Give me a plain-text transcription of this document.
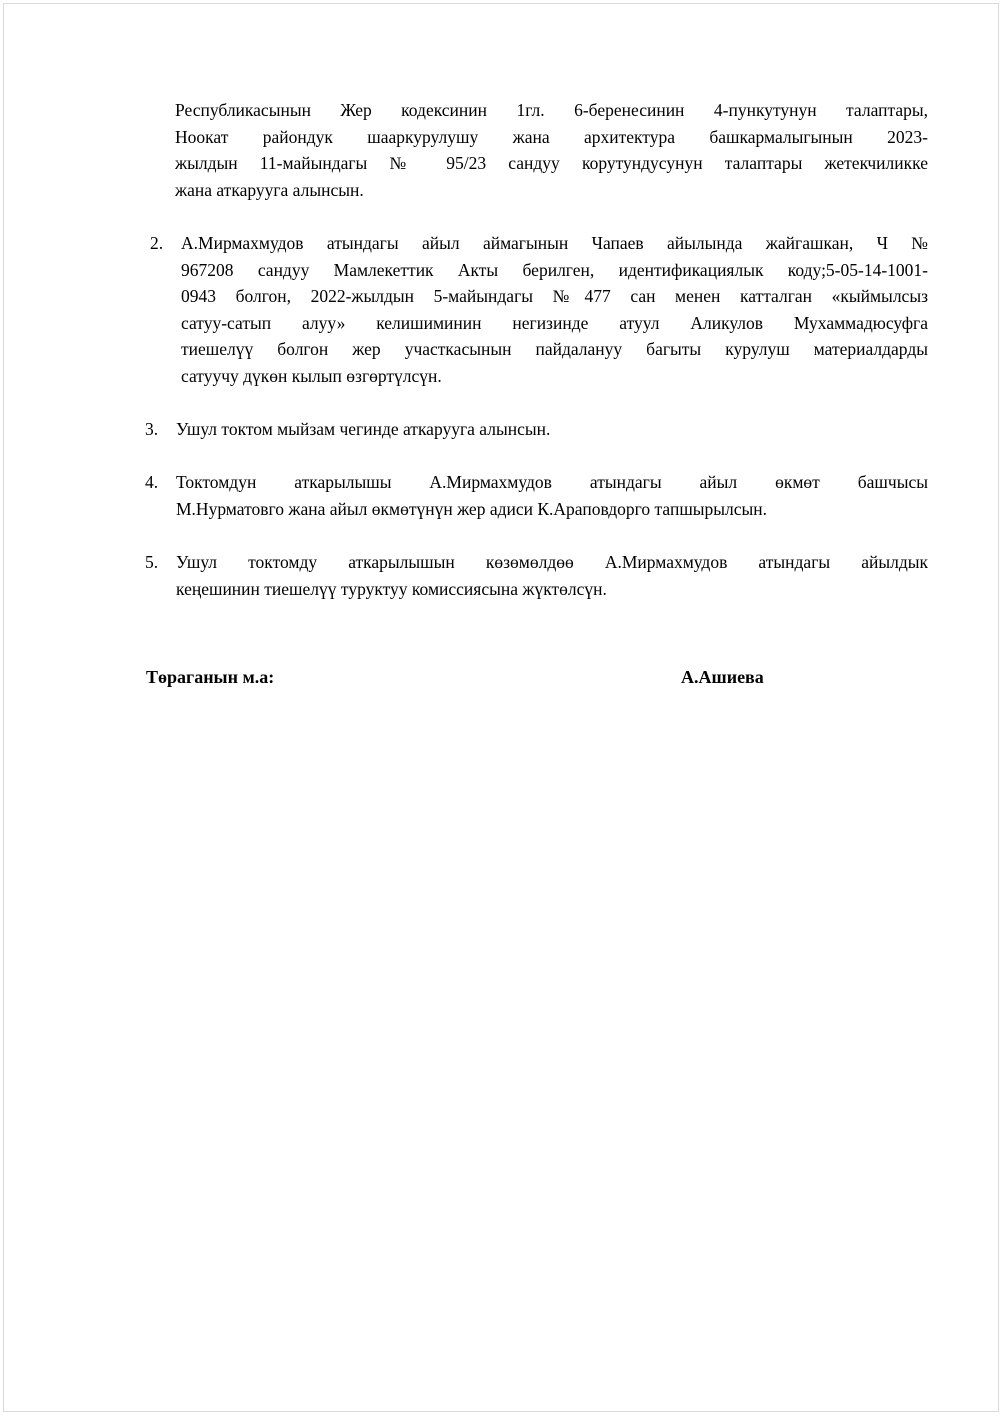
Республикасынын Жер кодексинин 1гл. 6-беренесинин 4-пункутунун талаптары,
Ноокат райондук шааркурулушу жана архитектура башкармалыгынын 2023-
жылдын 11-майындагы № 95/23 сандуу корутундусунун талаптары жетекчиликке
жана аткарууга алынсын.
2. А.Мирмахмудов атындагы айыл аймагынын Чапаев айылында жайгашкан, Ч №
967208 сандуу Мамлекеттик Акты берилген, идентификациялык коду;5-05-14-1001-
0943 болгон, 2022-жылдын 5-майындагы №477 сан менен катталган «кыймылсыз
сатуу-сатып алуу» келишиминин негизинде атуул Аликулов Мухаммадюсуфга
тиешелүү болгон жер участкасынын пайдалануу багыты курулуш материалдарды
сатуучу дүкөн кылып өзгөртүлсүн.
3. Ушул токтом мыйзам чегинде аткарууга алынсын.
4. Токтомдун аткарылышы А.Мирмахмудов атындагы айыл өкмөт башчысы
М.Нурматовго жана айыл өкмөтүнүн жер адиси К.Араповдорго тапшырылсын.
5. Ушул токтомду аткарылышын көзөмөлдөө А.Мирмахмудов атындагы айылдык
кеңешинин тиешелүү туруктуу комиссиясына жүктөлсүн.
Төраганын м.а:	А.Ашиева
